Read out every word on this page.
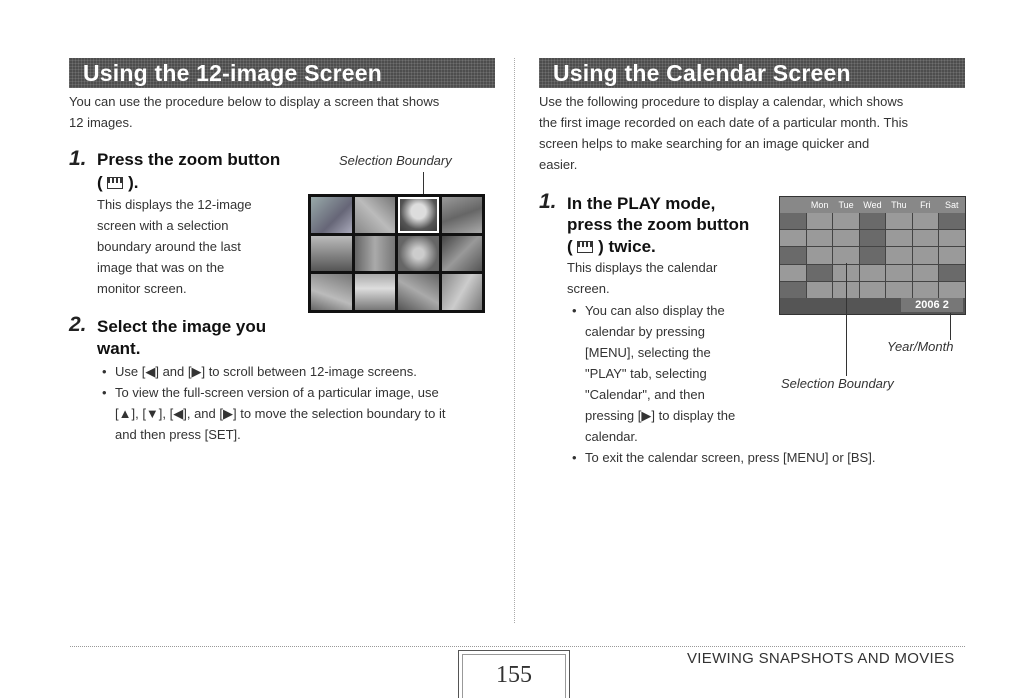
Using the 12-image Screen
You can use the procedure below to display a screen that shows
12 images.
1. Press the zoom button
( ).
This displays the 12-image
screen with a selection
boundary around the last
image that was on the
monitor screen.
Selection Boundary
2. Select the image you
want.
• Use [◀] and [▶] to scroll between 12-image screens.
• To view the full-screen version of a particular image, use
[▲], [▼], [◀], and [▶] to move the selection boundary to it
and then press [SET].
Using the Calendar Screen
Use the following procedure to display a calendar, which shows
the first image recorded on each date of a particular month. This
screen helps to make searching for an image quicker and
easier.
1. In the PLAY mode,
press the zoom button
( ) twice.
This displays the calendar
screen.
• You can also display the
calendar by pressing
[MENU], selecting the
"PLAY" tab, selecting
"Calendar", and then
pressing [▶] to display the
calendar.
• To exit the calendar screen, press [MENU] or [BS].
Mon	Tue	Wed	Thu	Fri	Sat
2006 2
Year/Month
Selection Boundary
155
VIEWING SNAPSHOTS AND MOVIES
